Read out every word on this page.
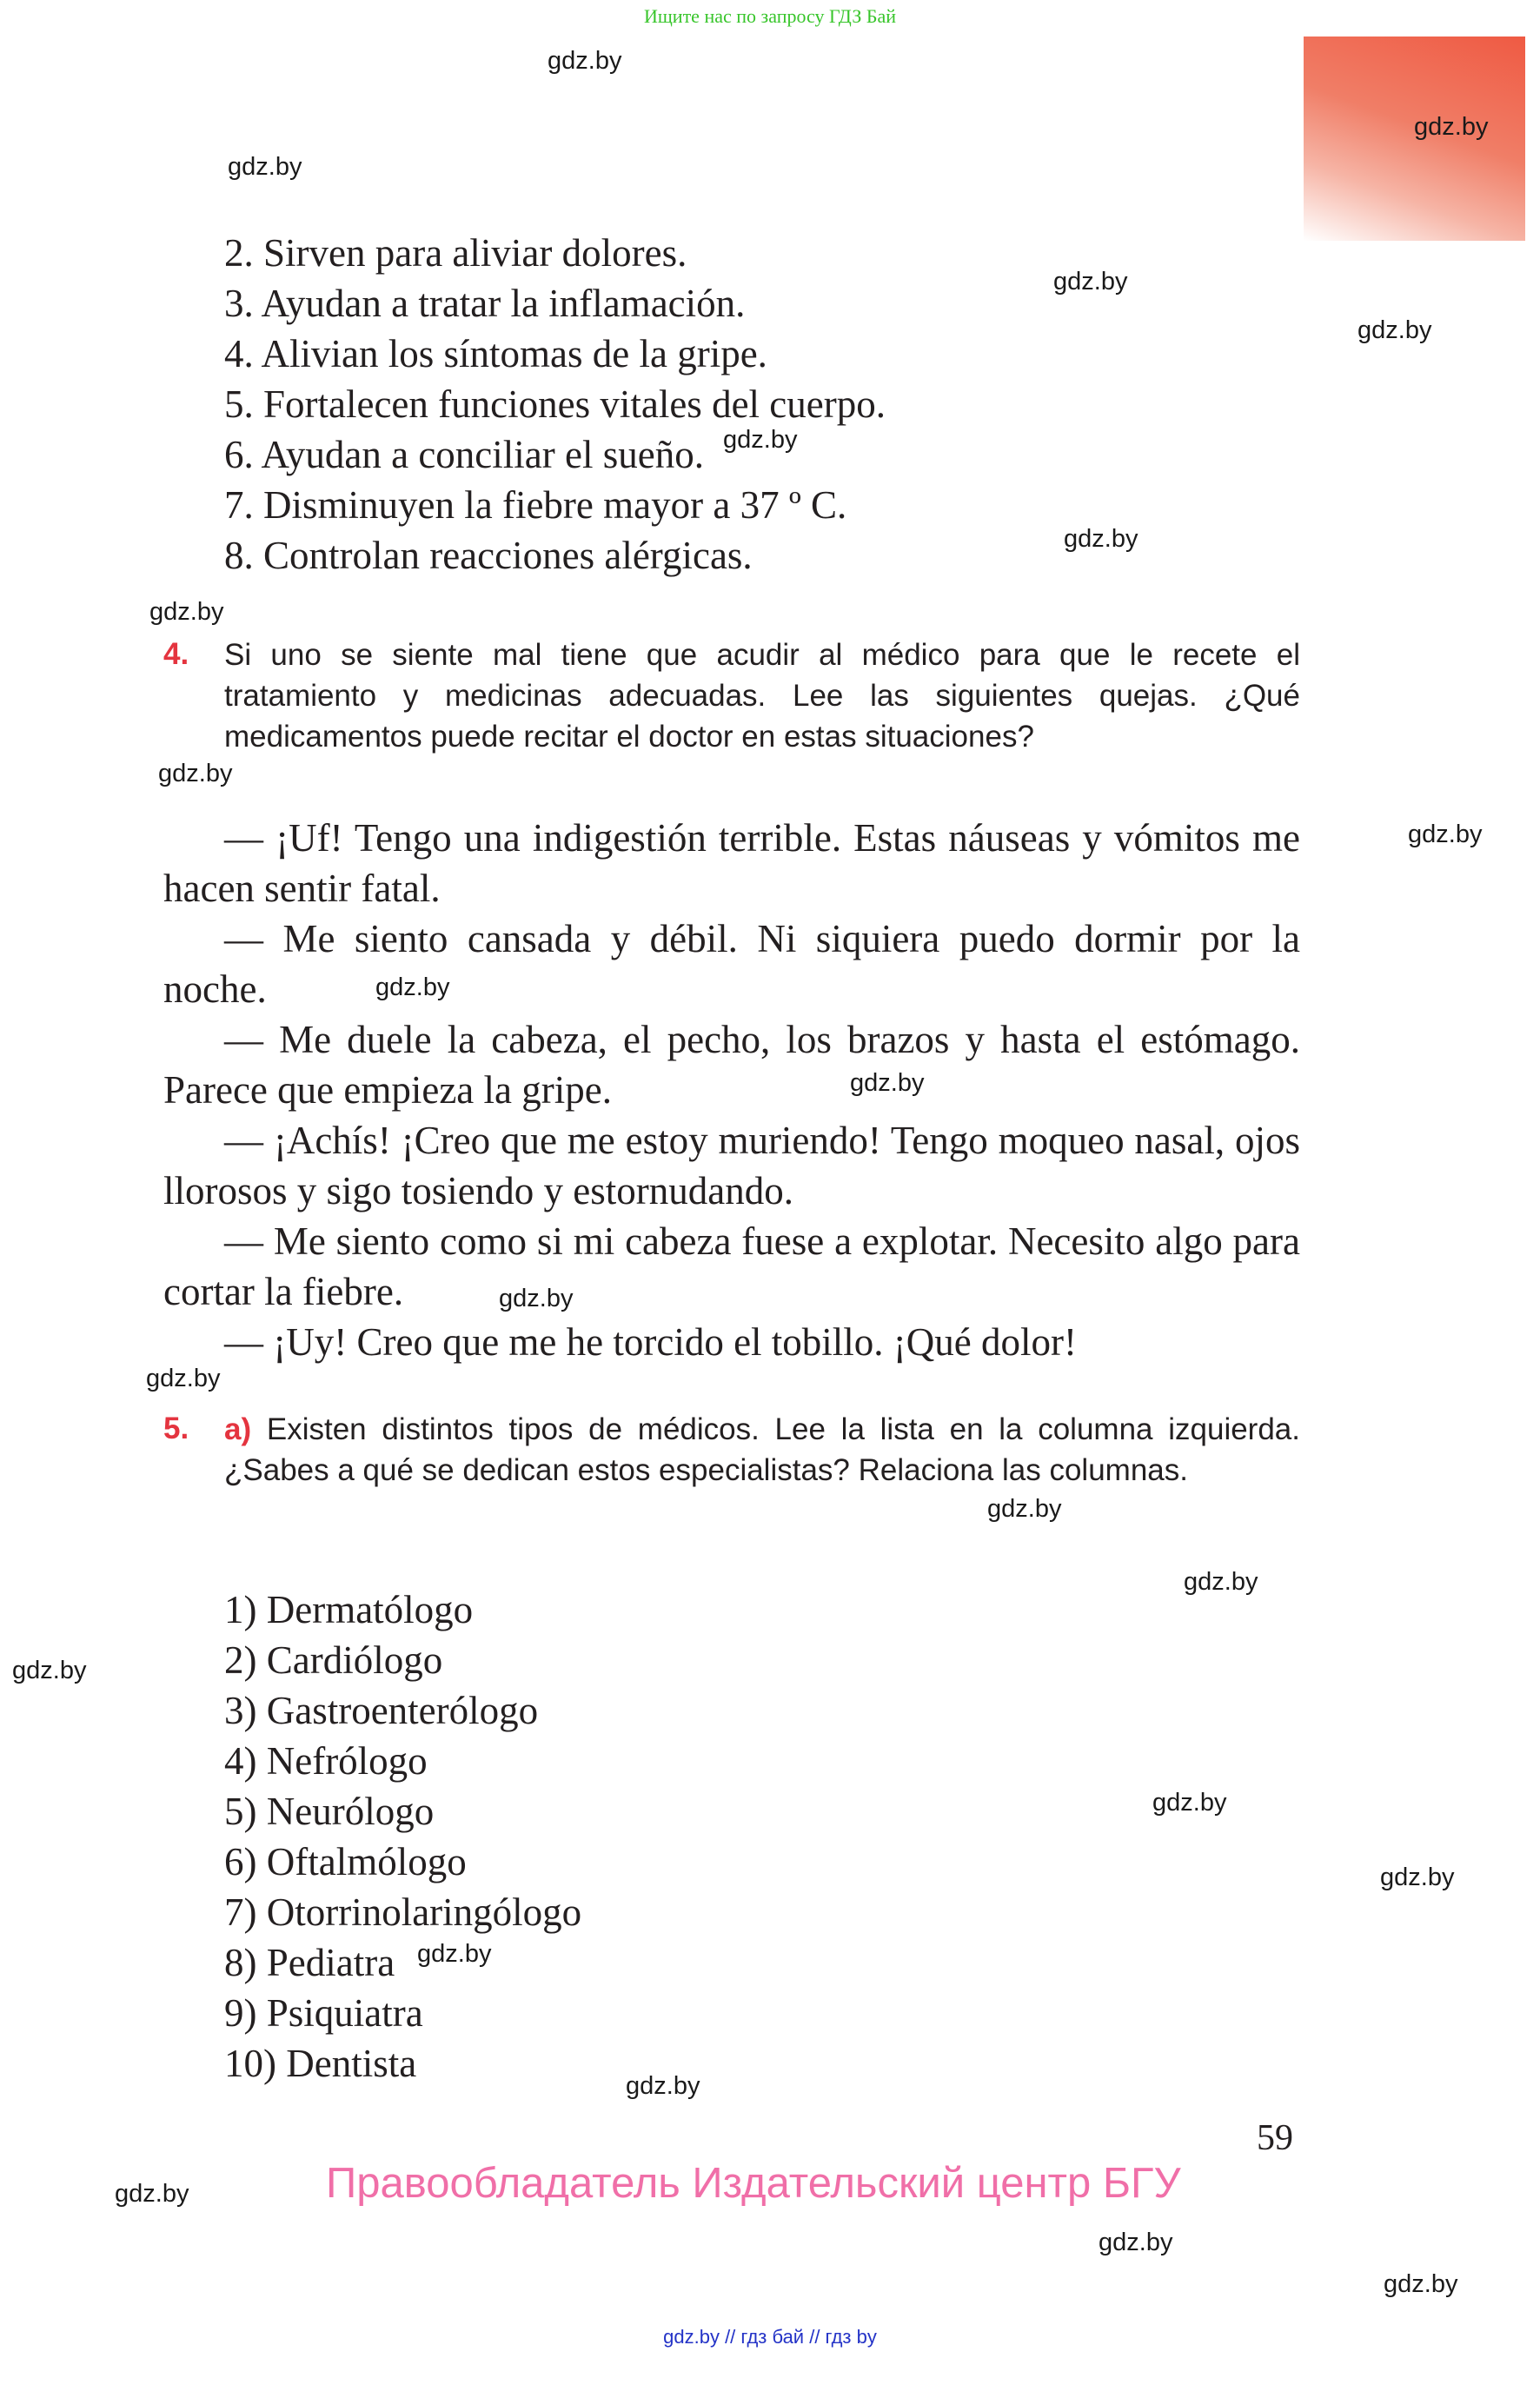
Ищите нас по запросу ГДЗ Бай
gdz.by
gdz.by
gdz.by
gdz.by
gdz.by
gdz.by
gdz.by
gdz.by
gdz.by
gdz.by
gdz.by
gdz.by
gdz.by
gdz.by
gdz.by
gdz.by
gdz.by
gdz.by
gdz.by
gdz.by
gdz.by
gdz.by
gdz.by
gdz.by
2. Sirven para aliviar dolores.
3. Ayudan a tratar la inflamación.
4. Alivian los síntomas de la gripe.
5. Fortalecen funciones vitales del cuerpo.
6. Ayudan a conciliar el sueño.
7. Disminuyen la fiebre mayor a 37 º C.
8. Controlan reacciones alérgicas.
4. Si uno se siente mal tiene que acudir al médico para que le recete el tratamiento y medicinas adecuadas. Lee las siguientes quejas. ¿Qué medicamentos puede recitar el doctor en estas situaciones?

— ¡Uf! Tengo una indigestión terrible. Estas náuseas y vómitos me hacen sentir fatal.

— Me siento cansada y débil. Ni siquiera puedo dormir por la noche.

— Me duele la cabeza, el pecho, los brazos y hasta el estómago. Parece que empieza la gripe.

— ¡Achís! ¡Creo que me estoy muriendo! Tengo moqueo nasal, ojos llorosos y sigo tosiendo y estornudando.

— Me siento como si mi cabeza fuese a explotar. Necesito algo para cortar la fiebre.

— ¡Uy! Creo que me he torcido el tobillo. ¡Qué dolor!

5. a) Existen distintos tipos de médicos. Lee la lista en la columna izquierda. ¿Sabes a qué se dedican estos especialistas? Relaciona las columnas.
1) Dermatólogo
2) Cardiólogo
3) Gastroenterólogo
4) Nefrólogo
5) Neurólogo
6) Oftalmólogo
7) Otorrinolaringólogo
8) Pediatra
9) Psiquiatra
10) Dentista
59
Правообладатель Издательский центр БГУ
gdz.by // гдз бай // гдз by
